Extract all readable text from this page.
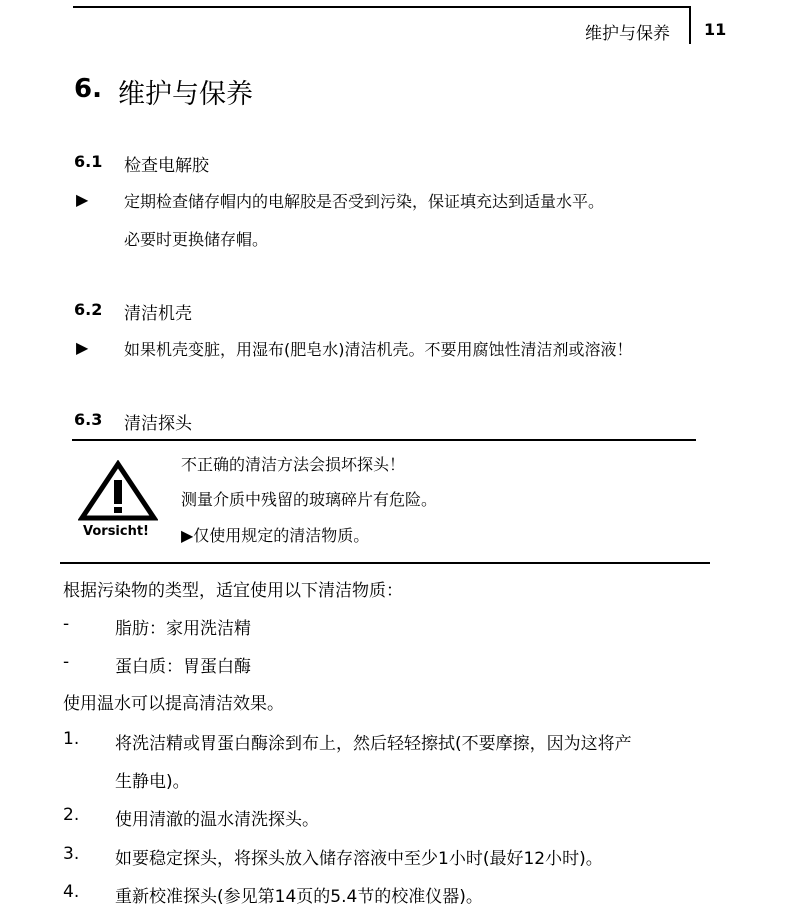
维护与保养 11
6. 维护与保养
6.1 检查电解胶
▶ 定期检查储存帽内的电解胶是否受到污染，保证填充达到适量水平。
必要时更换储存帽。
6.2 清洁机壳
▶ 如果机壳变脏，用湿布(肥皂水)清洁机壳。不要用腐蚀性清洁剂或溶液！
6.3 清洁探头
Vorsicht!
不正确的清洁方法会损坏探头！
测量介质中残留的玻璃碎片有危险。
▶仅使用规定的清洁物质。
根据污染物的类型，适宜使用以下清洁物质：
-	脂肪：家用洗洁精
-	蛋白质：胃蛋白酶
使用温水可以提高清洁效果。
1. 将洗洁精或胃蛋白酶涂到布上，然后轻轻擦拭(不要摩擦，因为这将产
生静电)。
2. 使用清澈的温水清洗探头。
3. 如要稳定探头，将探头放入储存溶液中至少1小时(最好12小时)。
4. 重新校准探头(参见第14页的5.4节的校准仪器)。
